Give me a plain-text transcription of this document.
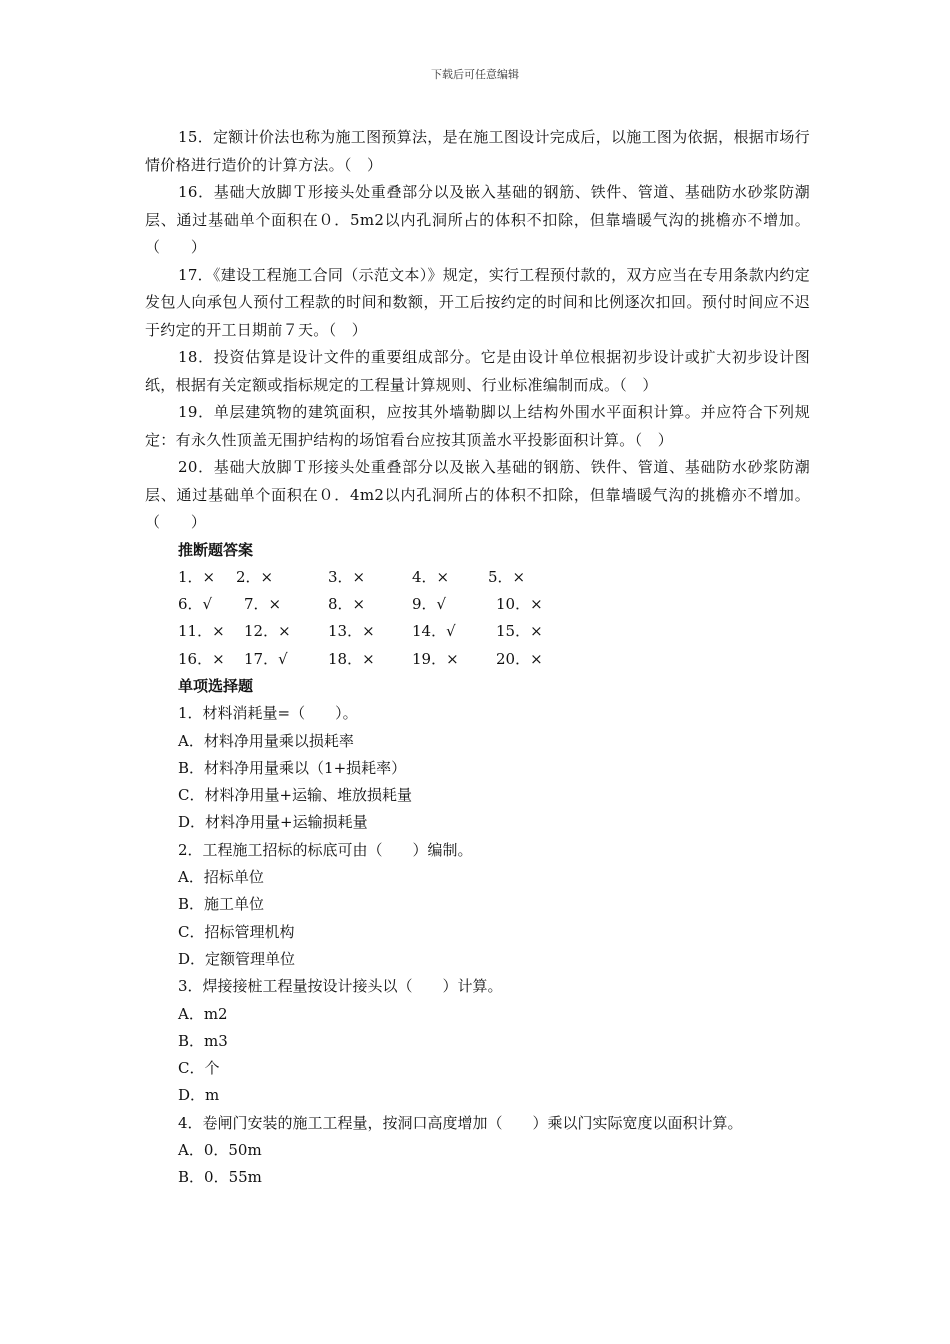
下载后可任意编辑

15．定额计价法也称为施工图预算法，是在施工图设计完成后，以施工图为依据，根据市场行情价格进行造价的计算方法。（　）

16．基础大放脚Ｔ形接头处重叠部分以及嵌入基础的钢筋、铁件、管道、基础防水砂浆防潮层、通过基础单个面积在０．5m2以内孔洞所占的体积不扣除，但靠墙暖气沟的挑檐亦不增加。（　　）

17．《建设工程施工合同（示范文本）》规定，实行工程预付款的，双方应当在专用条款内约定发包人向承包人预付工程款的时间和数额，开工后按约定的时间和比例逐次扣回。预付时间应不迟于约定的开工日期前７天。（　）

18．投资估算是设计文件的重要组成部分。它是由设计单位根据初步设计或扩大初步设计图纸，根据有关定额或指标规定的工程量计算规则、行业标准编制而成。（　）

19．单层建筑物的建筑面积，应按其外墙勒脚以上结构外围水平面积计算。并应符合下列规定：有永久性顶盖无围护结构的场馆看台应按其顶盖水平投影面积计算。（　）

20．基础大放脚Ｔ形接头处重叠部分以及嵌入基础的钢筋、铁件、管道、基础防水砂浆防潮层、通过基础单个面积在０．4m2以内孔洞所占的体积不扣除，但靠墙暖气沟的挑檐亦不增加。（　　）

推断题答案

1．× 2．×	3．×	4．×	5．×
6．√ 7．×	8．×	9．√	10．×
11．× 12．× 13．× 14．√	15．×
16．× 17．√	18．× 19．× 20．×

单项选择题

1．材料消耗量=（　　）。

A．材料净用量乘以损耗率

B．材料净用量乘以（1+损耗率）

C．材料净用量+运输、堆放损耗量

D．材料净用量+运输损耗量

2．工程施工招标的标底可由（　　）编制。

A．招标单位

B．施工单位

C．招标管理机构

D．定额管理单位

3．焊接接桩工程量按设计接头以（　　）计算。

A．m2

B．m3

C．个

D．m

4．卷闸门安装的施工工程量，按洞口高度增加（　　）乘以门实际宽度以面积计算。

A．0．50m

B．0．55m
